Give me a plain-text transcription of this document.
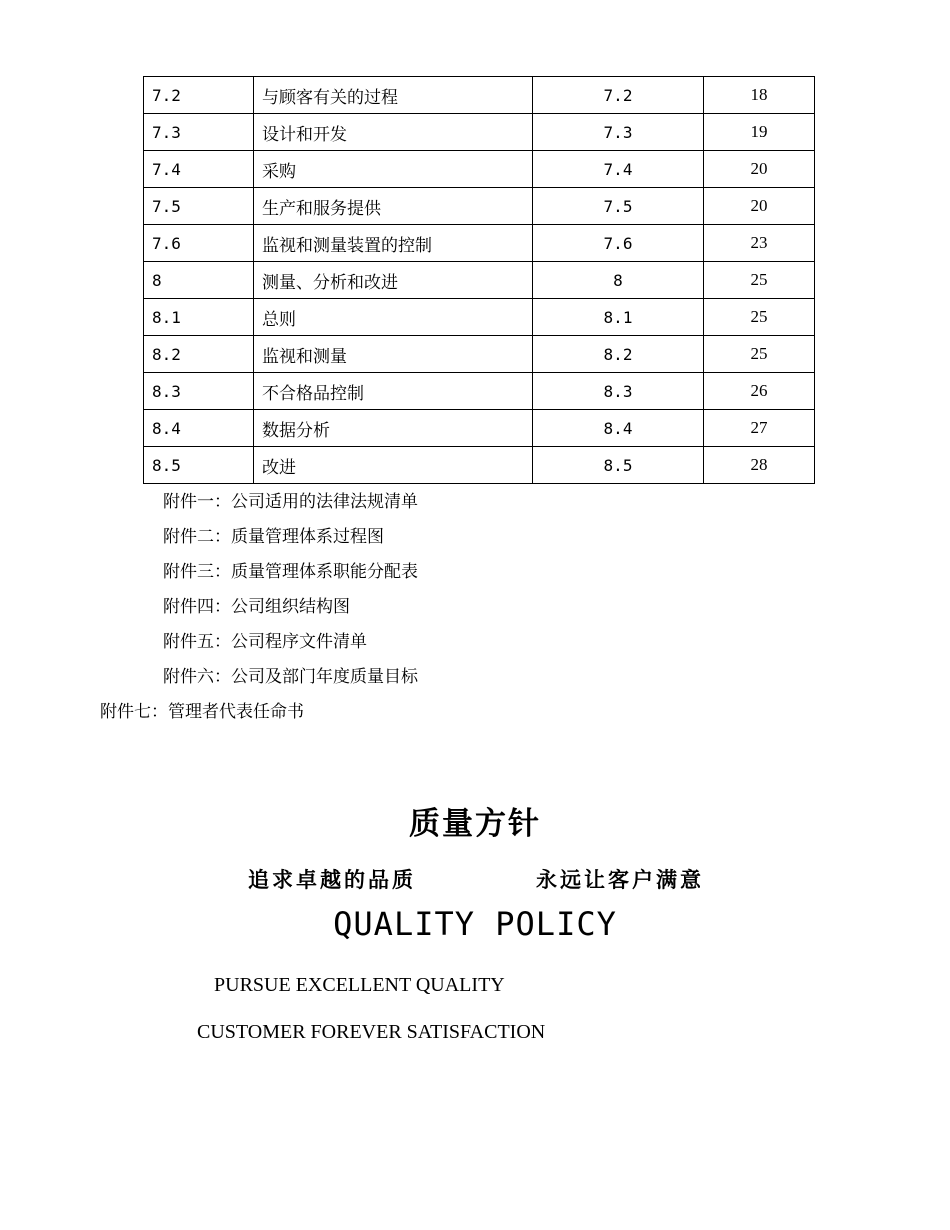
7.2	与顾客有关的过程	7.2	18
7.3	设计和开发	7.3	19
7.4	采购	7.4	20
7.5	生产和服务提供	7.5	20
7.6	监视和测量装置的控制	7.6	23
8	测量、分析和改进	8	25
8.1	总则	8.1	25
8.2	监视和测量	8.2	25
8.3	不合格品控制	8.3	26
8.4	数据分析	8.4	27
8.5	改进	8.5	28
附件一：公司适用的法律法规清单
附件二：质量管理体系过程图
附件三：质量管理体系职能分配表
附件四：公司组织结构图
附件五：公司程序文件清单
附件六：公司及部门年度质量目标
附件七：管理者代表任命书
质量方针
追求卓越的品质	永远让客户满意
QUALITY POLICY
PURSUE EXCELLENT QUALITY
CUSTOMER FOREVER SATISFACTION
